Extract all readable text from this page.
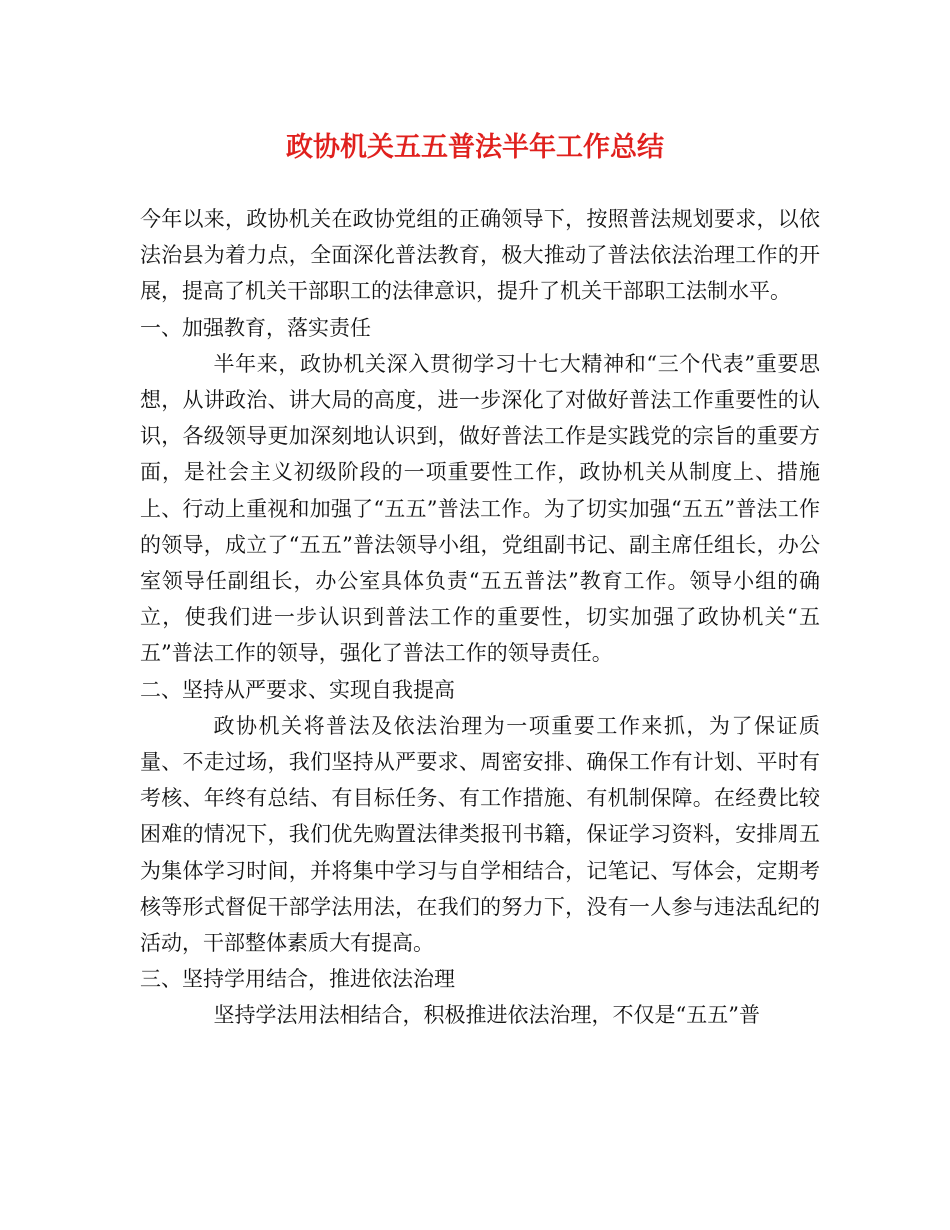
政协机关五五普法半年工作总结

今年以来，政协机关在政协党组的正确领导下，按照普法规划要求，以依法治县为着力点，全面深化普法教育，极大推动了普法依法治理工作的开展，提高了机关干部职工的法律意识，提升了机关干部职工法制水平。

一、加强教育，落实责任

半年来，政协机关深入贯彻学习十七大精神和“三个代表”重要思想，从讲政治、讲大局的高度，进一步深化了对做好普法工作重要性的认识，各级领导更加深刻地认识到，做好普法工作是实践党的宗旨的重要方面，是社会主义初级阶段的一项重要性工作，政协机关从制度上、措施上、行动上重视和加强了“五五”普法工作。为了切实加强“五五”普法工作的领导，成立了“五五”普法领导小组，党组副书记、副主席任组长，办公室领导任副组长，办公室具体负责“五五普法”教育工作。领导小组的确立，使我们进一步认识到普法工作的重要性，切实加强了政协机关“五五”普法工作的领导，强化了普法工作的领导责任。

二、坚持从严要求、实现自我提高

政协机关将普法及依法治理为一项重要工作来抓，为了保证质量、不走过场，我们坚持从严要求、周密安排、确保工作有计划、平时有考核、年终有总结、有目标任务、有工作措施、有机制保障。在经费比较困难的情况下，我们优先购置法律类报刊书籍，保证学习资料，安排周五为集体学习时间，并将集中学习与自学相结合，记笔记、写体会，定期考核等形式督促干部学法用法，在我们的努力下，没有一人参与违法乱纪的活动，干部整体素质大有提高。

三、坚持学用结合，推进依法治理

坚持学法用法相结合，积极推进依法治理，不仅是“五五”普
